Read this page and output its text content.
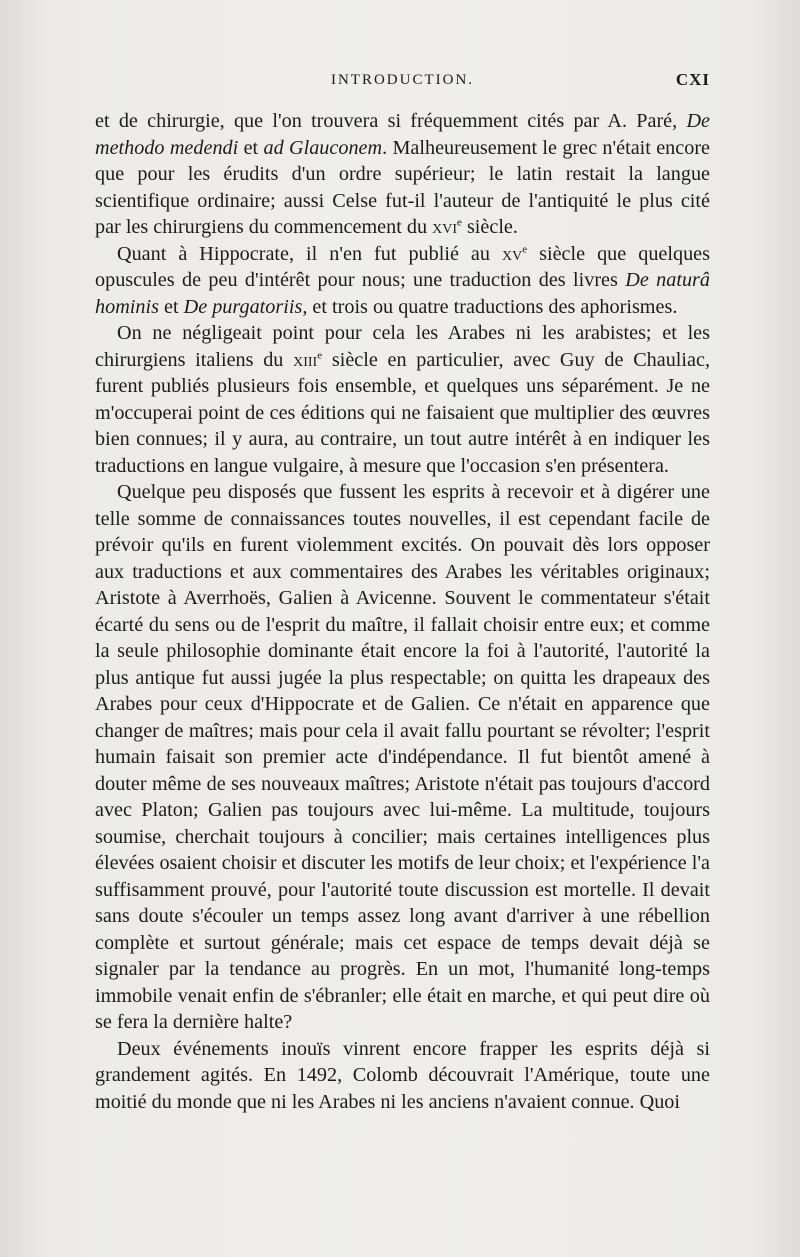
INTRODUCTION.	CXI

et de chirurgie, que l'on trouvera si fréquemment cités par A. Paré, De methodo medendi et ad Glauconem. Malheureusement le grec n'était encore que pour les érudits d'un ordre supérieur; le latin restait la langue scientifique ordinaire; aussi Celse fut-il l'auteur de l'antiquité le plus cité par les chirurgiens du commencement du xvi$^e$ siècle.

Quant à Hippocrate, il n'en fut publié au $xv^e$ siècle que quelques opuscules de peu d'intérêt pour nous; une traduction des livres De naturâ hominis et De purgatoriis, et trois ou quatre traductions des aphorismes.

On ne négligeait point pour cela les Arabes ni les arabistes; et les chirurgiens italiens du xiii$^e$ siècle en particulier, avec Guy de Chauliac, furent publiés plusieurs fois ensemble, et quelques uns séparément. Je ne m'occuperai point de ces éditions qui ne faisaient que multiplier des œuvres bien connues; il y aura, au contraire, un tout autre intérêt à en indiquer les traductions en langue vulgaire, à mesure que l'occasion s'en présentera.

Quelque peu disposés que fussent les esprits à recevoir et à digérer une telle somme de connaissances toutes nouvelles, il est cependant facile de prévoir qu'ils en furent violemment excités. On pouvait dès lors opposer aux traductions et aux commentaires des Arabes les véritables originaux; Aristote à Averrhoës, Galien à Avicenne. Souvent le commentateur s'était écarté du sens ou de l'esprit du maître, il fallait choisir entre eux; et comme la seule philosophie dominante était encore la foi à l'autorité, l'autorité la plus antique fut aussi jugée la plus respectable; on quitta les drapeaux des Arabes pour ceux d'Hippocrate et de Galien. Ce n'était en apparence que changer de maîtres; mais pour cela il avait fallu pourtant se révolter; l'esprit humain faisait son premier acte d'indépendance. Il fut bientôt amené à douter même de ses nouveaux maîtres; Aristote n'était pas toujours d'accord avec Platon; Galien pas toujours avec lui-même. La multitude, toujours soumise, cherchait toujours à concilier; mais certaines intelligences plus élevées osaient choisir et discuter les motifs de leur choix; et l'expérience l'a suffisamment prouvé, pour l'autorité toute discussion est mortelle. Il devait sans doute s'écouler un temps assez long avant d'arriver à une rébellion complète et surtout générale; mais cet espace de temps devait déjà se signaler par la tendance au progrès. En un mot, l'humanité long-temps immobile venait enfin de s'ébranler; elle était en marche, et qui peut dire où se fera la dernière halte?

Deux événements inouïs vinrent encore frapper les esprits déjà si grandement agités. En 1492, Colomb découvrait l'Amérique, toute une moitié du monde que ni les Arabes ni les anciens n'avaient connue. Quoi
